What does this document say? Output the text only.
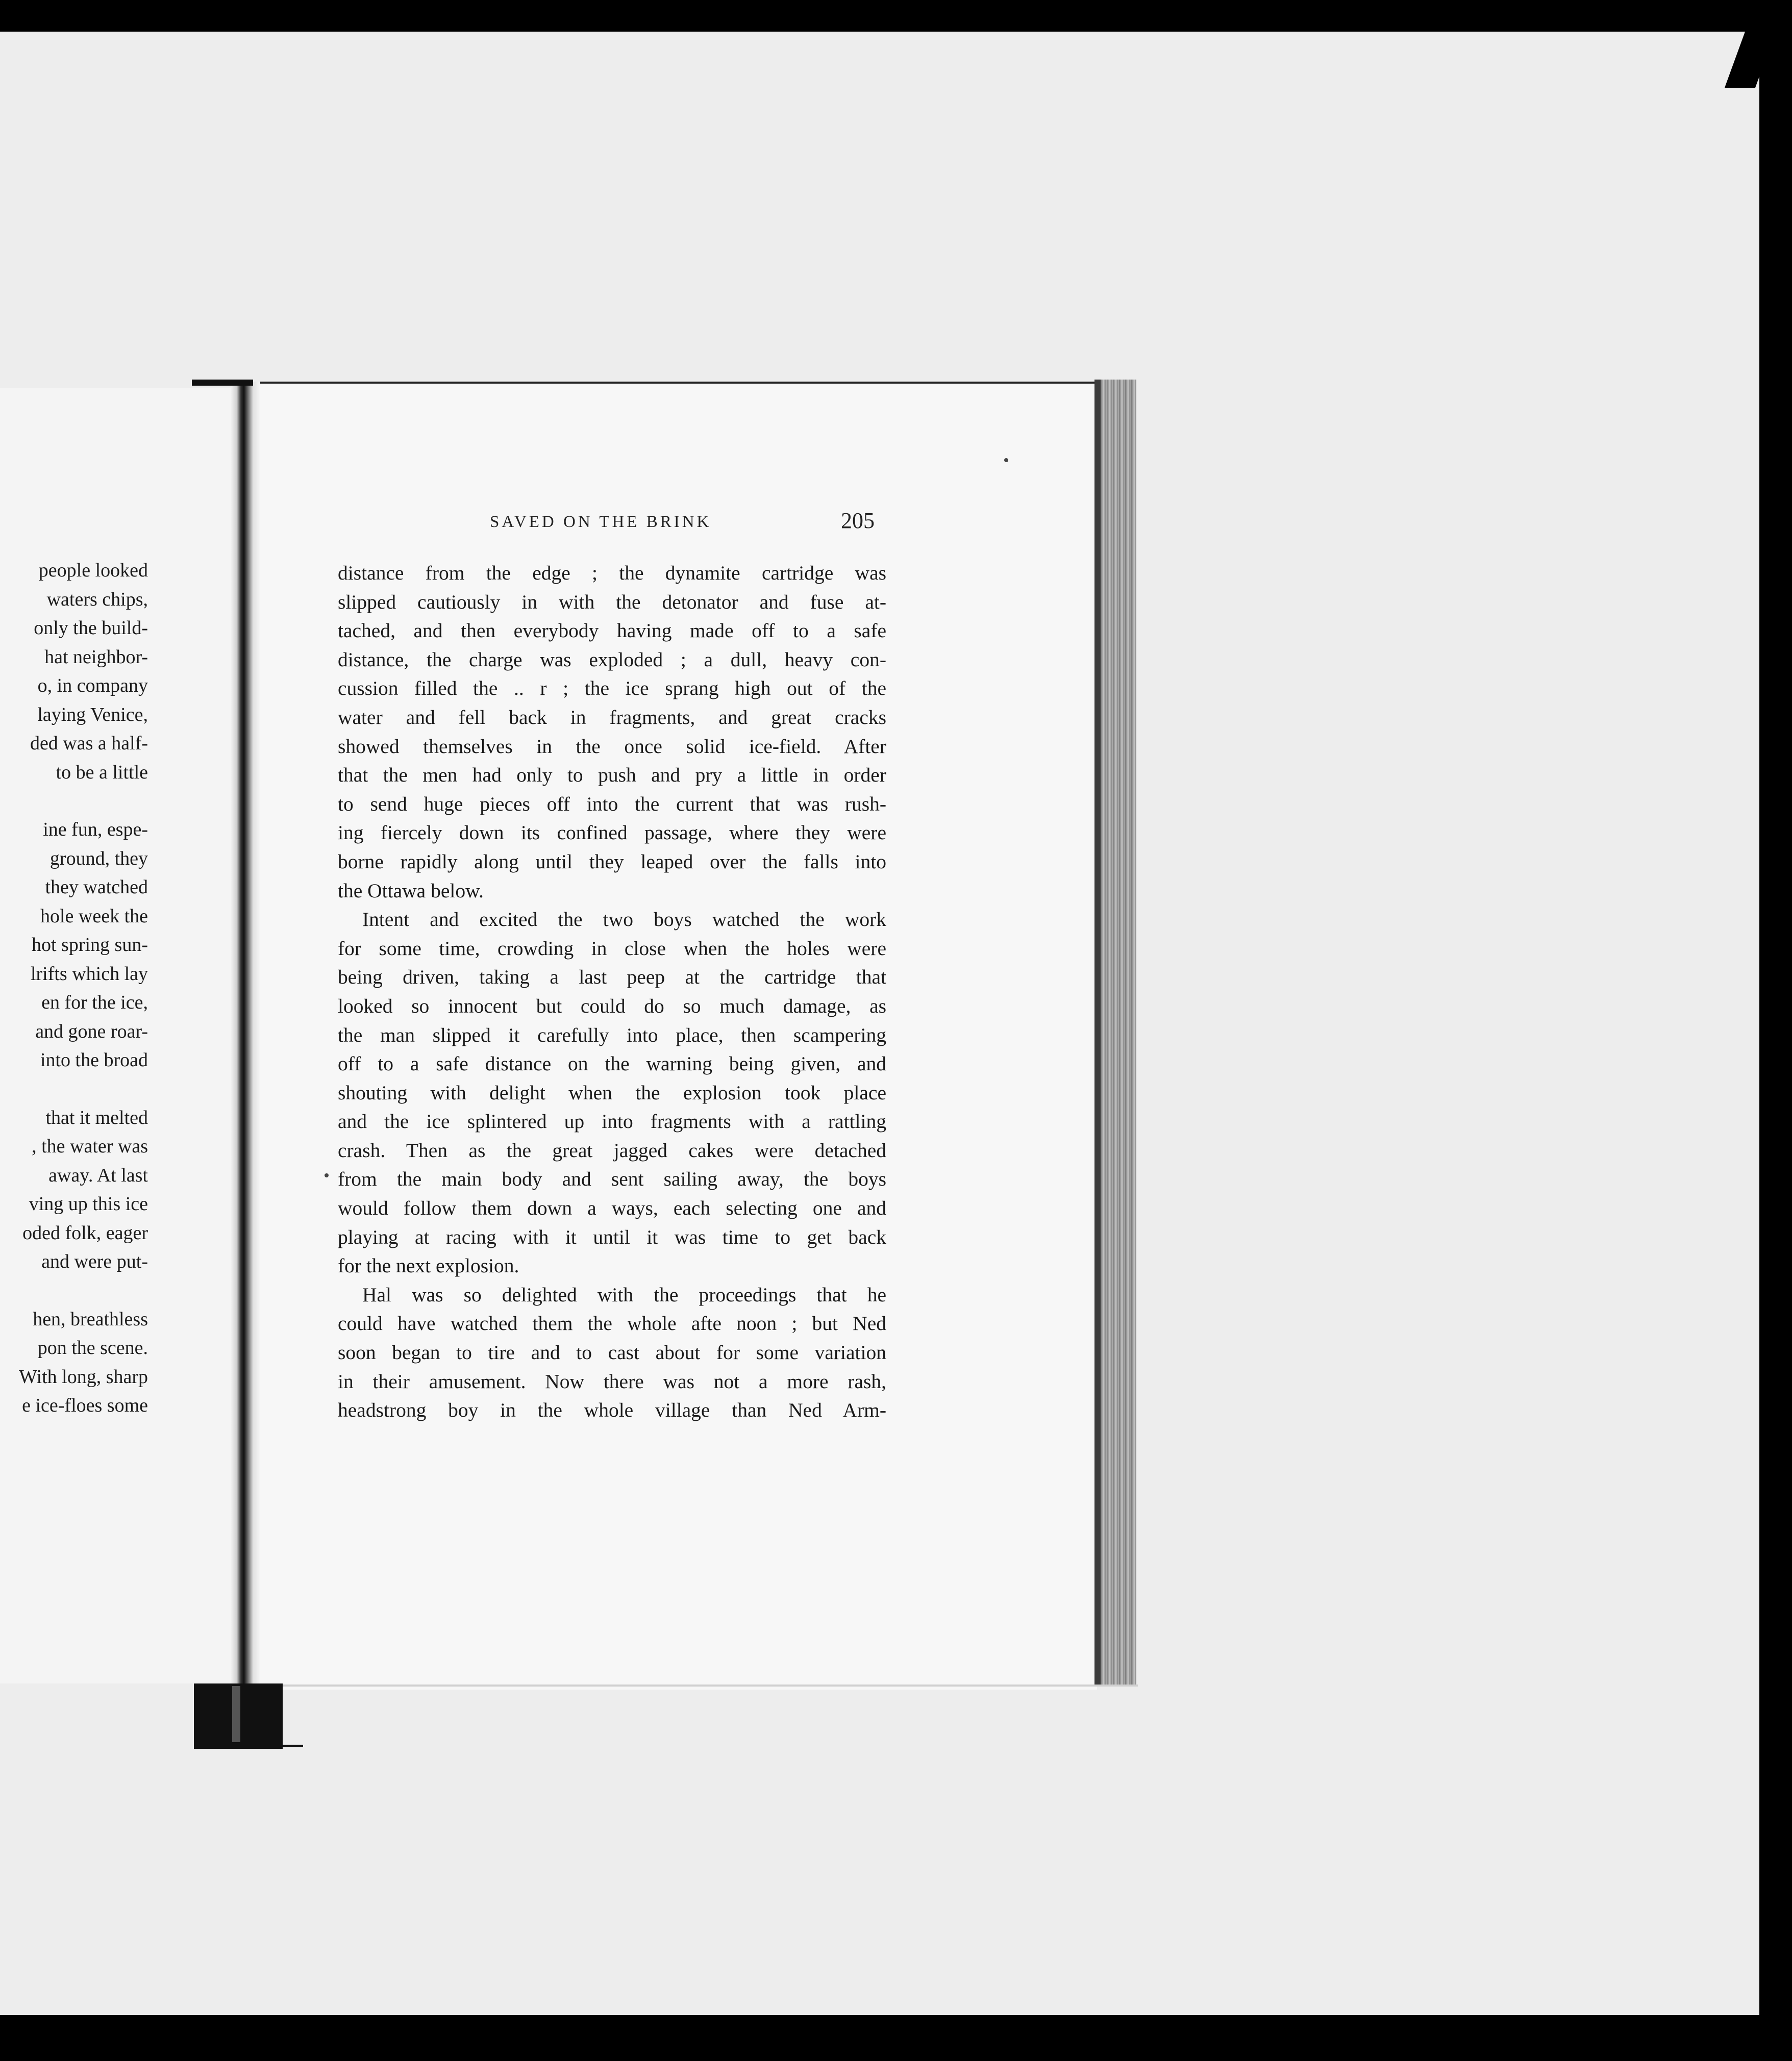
people looked
waters chips,
only the build-
hat neighbor-
o, in company
laying Venice,
ded was a half-
to be a little
ine fun, espe-
ground, they
they watched
hole week the
hot spring sun-
lrifts which lay
en for the ice,
and gone roar-
into the broad
that it melted
, the water was
away. At last
ving up this ice
oded folk, eager
and were put-
hen, breathless
pon the scene.
With long, sharp
e ice-floes some
SAVED ON THE BRINK	205
distance from the edge ; the dynamite cartridge was
slipped cautiously in with the detonator and fuse at-
tached, and then everybody having made off to a safe
distance, the charge was exploded ; a dull, heavy con-
cussion filled the .. r ; the ice sprang high out of the
water and fell back in fragments, and great cracks
showed themselves in the once solid ice-field. After
that the men had only to push and pry a little in order
to send huge pieces off into the current that was rush-
ing fiercely down its confined passage, where they were
borne rapidly along until they leaped over the falls into
the Ottawa below.
Intent and excited the two boys watched the work
for some time, crowding in close when the holes were
being driven, taking a last peep at the cartridge that
looked so innocent but could do so much damage, as
the man slipped it carefully into place, then scampering
off to a safe distance on the warning being given, and
shouting with delight when the explosion took place
and the ice splintered up into fragments with a rattling
crash. Then as the great jagged cakes were detached
from the main body and sent sailing away, the boys
would follow them down a ways, each selecting one and
playing at racing with it until it was time to get back
for the next explosion.
Hal was so delighted with the proceedings that he
could have watched them the whole afte noon ; but Ned
soon began to tire and to cast about for some variation
in their amusement. Now there was not a more rash,
headstrong boy in the whole village than Ned Arm-
